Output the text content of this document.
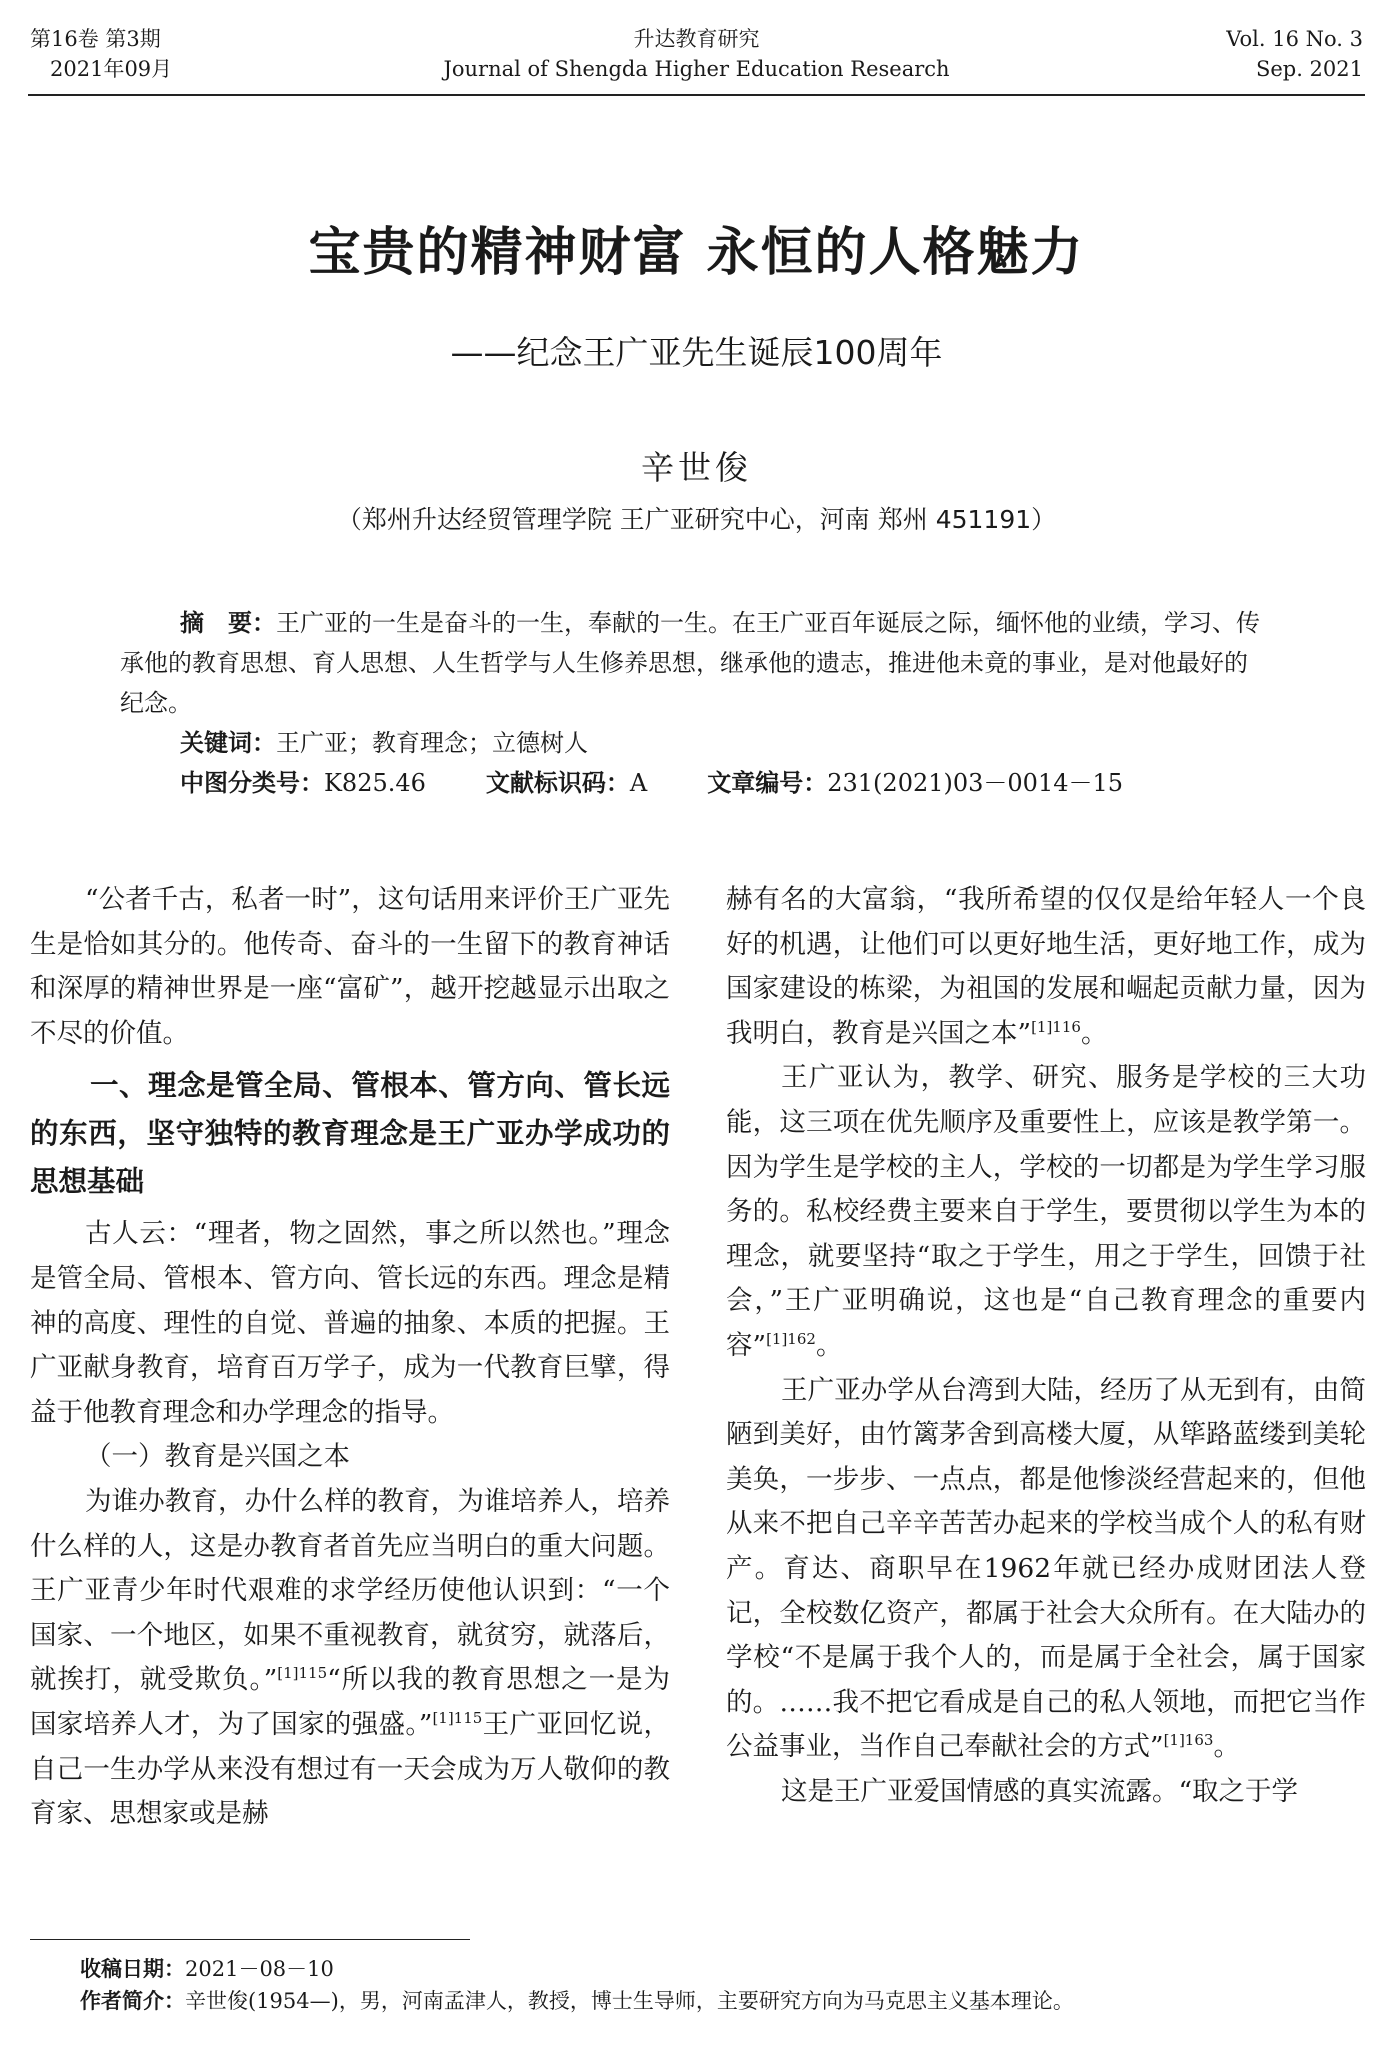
第16卷 第3期
2021年09月
升达教育研究
Journal of Shengda Higher Education Research
Vol. 16 No. 3
Sep. 2021
宝贵的精神财富 永恒的人格魅力
——纪念王广亚先生诞辰100周年
辛世俊
（郑州升达经贸管理学院 王广亚研究中心，河南 郑州 451191）
摘　要：王广亚的一生是奋斗的一生，奉献的一生。在王广亚百年诞辰之际，缅怀他的业绩，学习、传承他的教育思想、育人思想、人生哲学与人生修养思想，继承他的遗志，推进他未竟的事业，是对他最好的纪念。
关键词：王广亚；教育理念；立德树人
中图分类号：K825.46	文献标识码：A	文章编号：231(2021)03－0014－15

“公者千古，私者一时”，这句话用来评价王广亚先生是恰如其分的。他传奇、奋斗的一生留下的教育神话和深厚的精神世界是一座“富矿”，越开挖越显示出取之不尽的价值。

一、理念是管全局、管根本、管方向、管长远的东西，坚守独特的教育理念是王广亚办学成功的思想基础

古人云：“理者，物之固然，事之所以然也。”理念是管全局、管根本、管方向、管长远的东西。理念是精神的高度、理性的自觉、普遍的抽象、本质的把握。王广亚献身教育，培育百万学子，成为一代教育巨擘，得益于他教育理念和办学理念的指导。

（一）教育是兴国之本

为谁办教育，办什么样的教育，为谁培养人，培养什么样的人，这是办教育者首先应当明白的重大问题。王广亚青少年时代艰难的求学经历使他认识到：“一个国家、一个地区，如果不重视教育，就贫穷，就落后，就挨打，就受欺负。”$^{[1]115}$“所以我的教育思想之一是为国家培养人才，为了国家的强盛。”$^{[1]115}$王广亚回忆说，自己一生办学从来没有想过有一天会成为万人敬仰的教育家、思想家或是赫

赫有名的大富翁，“我所希望的仅仅是给年轻人一个良好的机遇，让他们可以更好地生活，更好地工作，成为国家建设的栋梁，为祖国的发展和崛起贡献力量，因为我明白，教育是兴国之本”$^{[1]116}$。

王广亚认为，教学、研究、服务是学校的三大功能，这三项在优先顺序及重要性上，应该是教学第一。因为学生是学校的主人，学校的一切都是为学生学习服务的。私校经费主要来自于学生，要贯彻以学生为本的理念，就要坚持“取之于学生，用之于学生，回馈于社会，”王广亚明确说，这也是“自己教育理念的重要内容”$^{[1]162}$。

王广亚办学从台湾到大陆，经历了从无到有，由简陋到美好，由竹篱茅舍到高楼大厦，从筚路蓝缕到美轮美奂，一步步、一点点，都是他惨淡经营起来的，但他从来不把自己辛辛苦苦办起来的学校当成个人的私有财产。育达、商职早在1962年就已经办成财团法人登记，全校数亿资产，都属于社会大众所有。在大陆办的学校“不是属于我个人的，而是属于全社会，属于国家的。……我不把它看成是自己的私人领地，而把它当作公益事业，当作自己奉献社会的方式”$^{[1]163}$。

这是王广亚爱国情感的真实流露。“取之于学

收稿日期：2021－08－10
作者简介：辛世俊(1954—)，男，河南孟津人，教授，博士生导师，主要研究方向为马克思主义基本理论。
